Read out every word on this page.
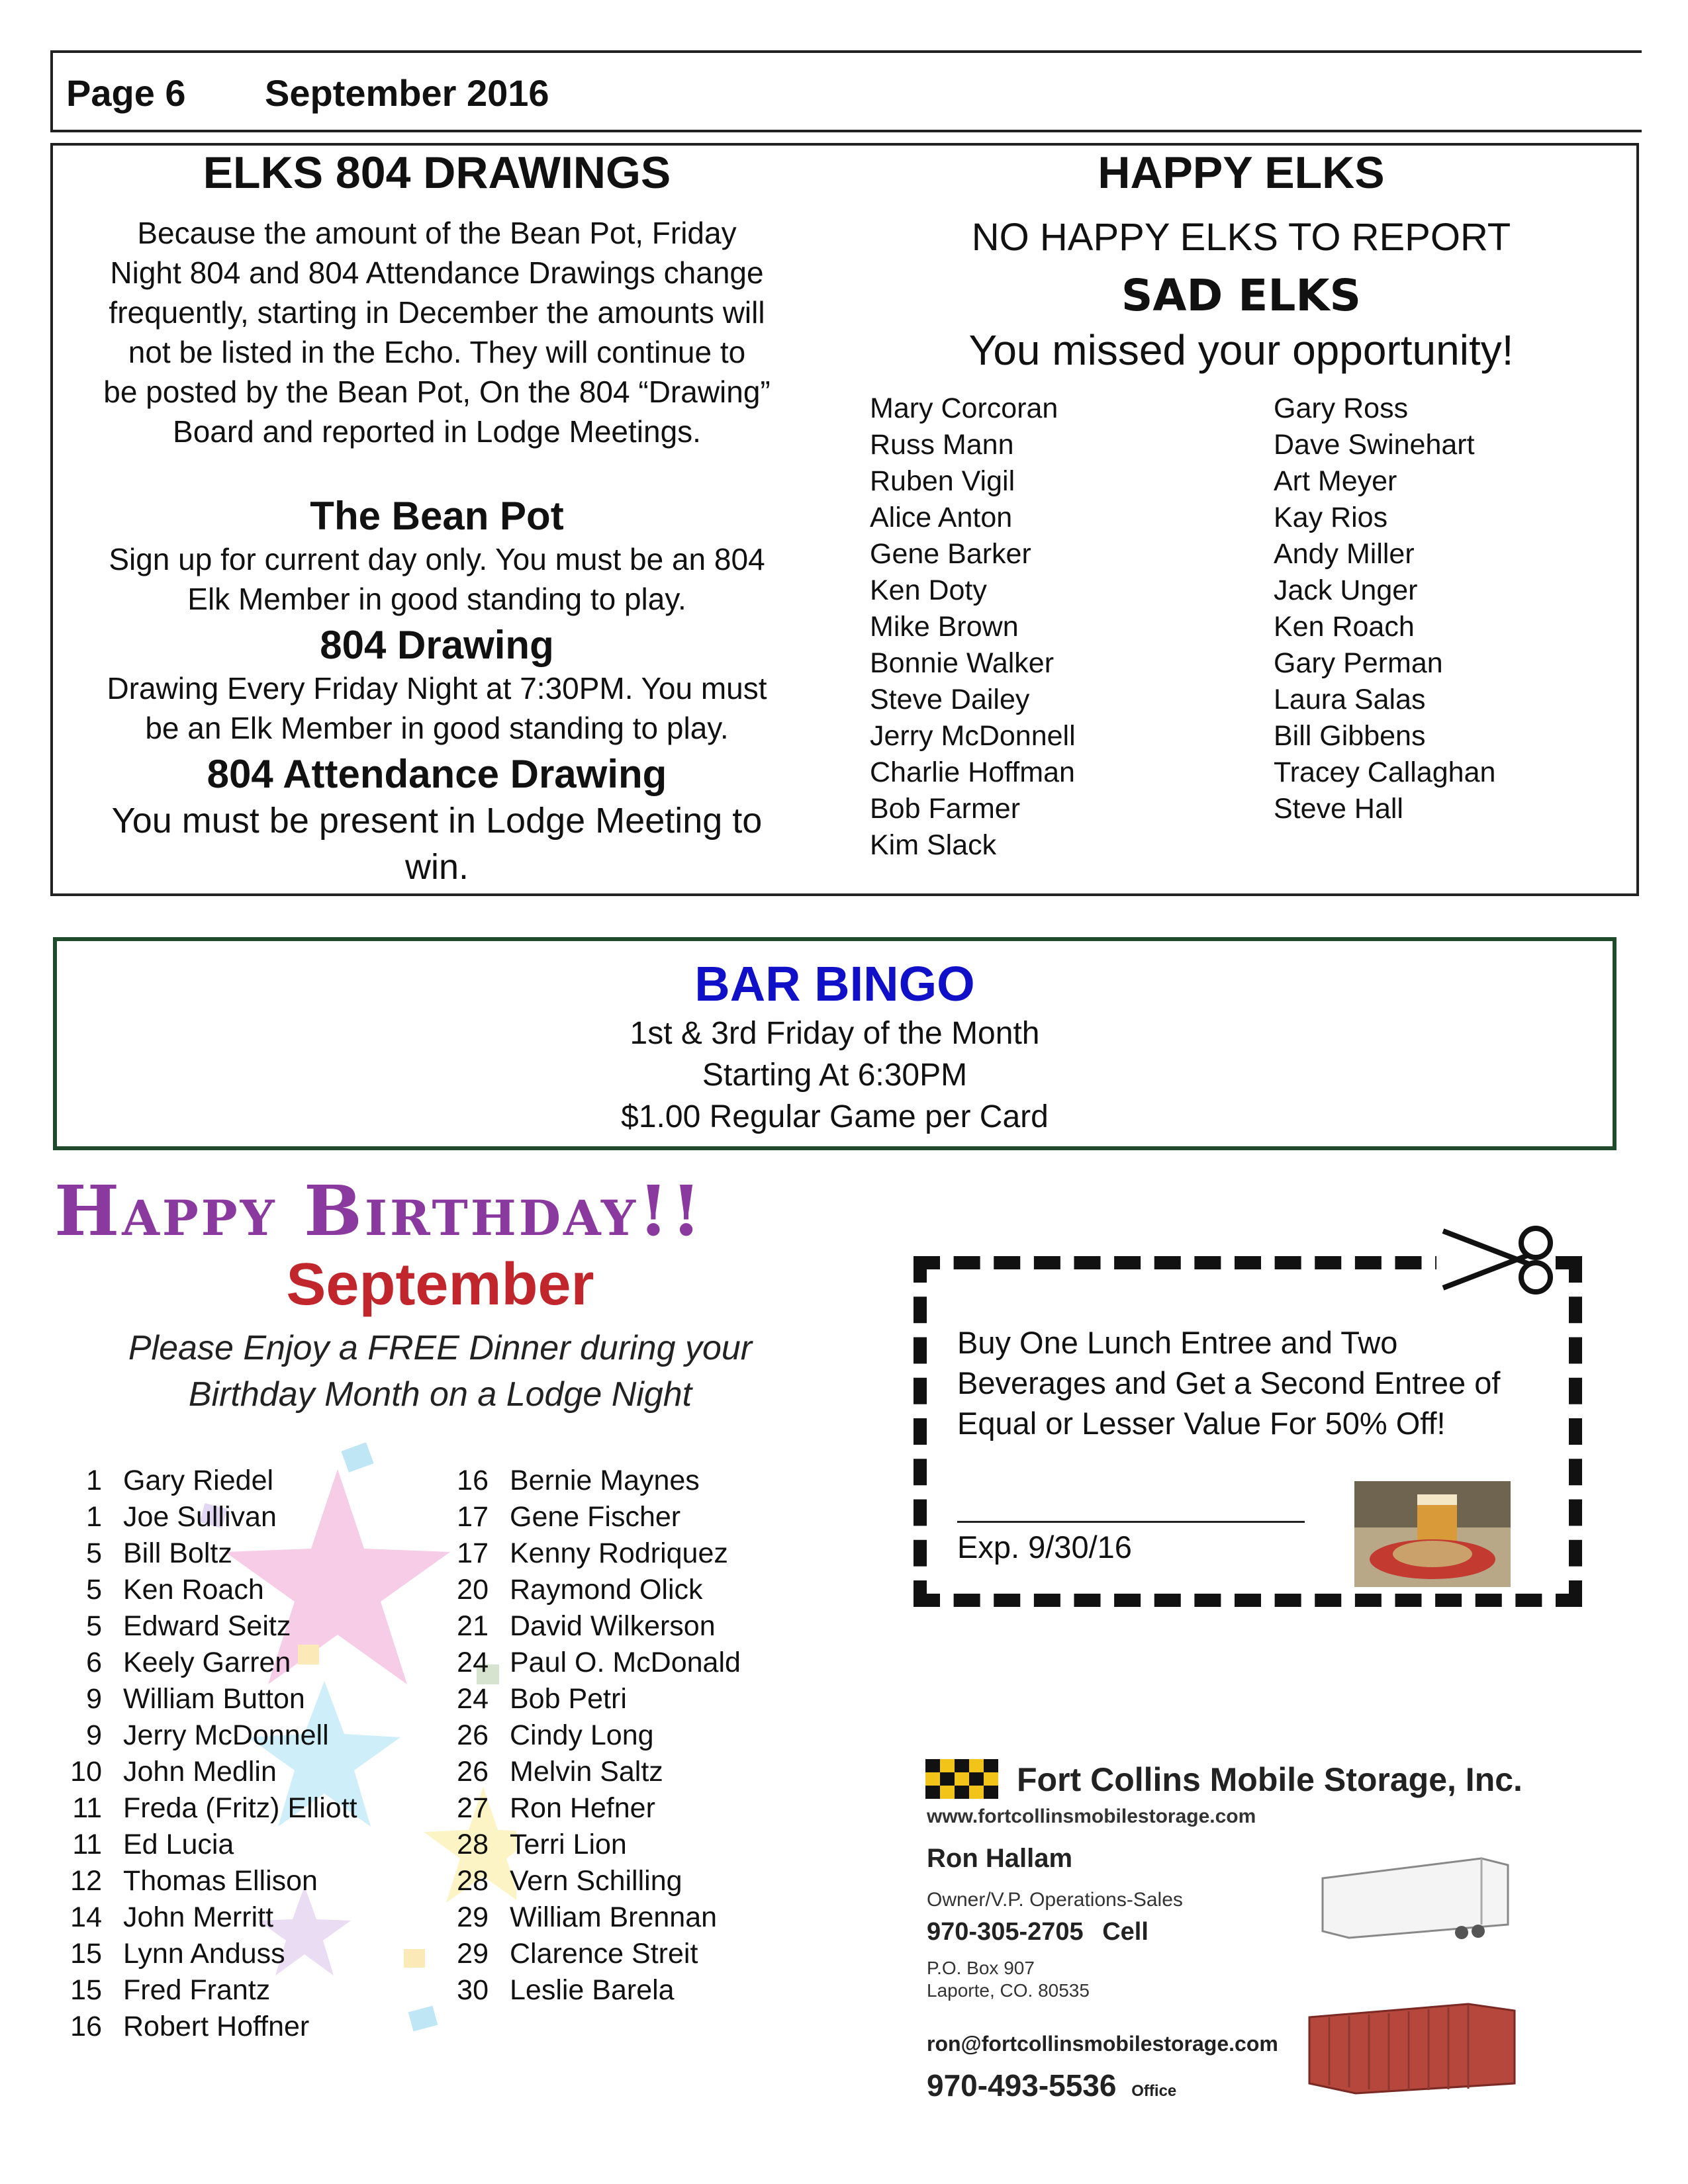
Page 6 September 2016
ELKS 804 DRAWINGS
Because the amount of the Bean Pot, Friday
Night 804 and 804 Attendance Drawings change
frequently, starting in December the amounts will
not be listed in the Echo. They will continue to
be posted by the Bean Pot, On the 804 “Drawing”
Board and reported in Lodge Meetings.
The Bean Pot
Sign up for current day only. You must be an 804
Elk Member in good standing to play.
804 Drawing
Drawing Every Friday Night at 7:30PM. You must
be an Elk Member in good standing to play.
804 Attendance Drawing
You must be present in Lodge Meeting to
win.
HAPPY ELKS
NO HAPPY ELKS TO REPORT
SAD ELKS
You missed your opportunity!
Mary Corcoran
Russ Mann
Ruben Vigil
Alice Anton
Gene Barker
Ken Doty
Mike Brown
Bonnie Walker
Steve Dailey
Jerry McDonnell
Charlie Hoffman
Bob Farmer
Kim Slack
Gary Ross
Dave Swinehart
Art Meyer
Kay Rios
Andy Miller
Jack Unger
Ken Roach
Gary Perman
Laura Salas
Bill Gibbens
Tracey Callaghan
Steve Hall
BAR BINGO
1st & 3rd Friday of the Month
Starting At 6:30PM
$1.00 Regular Game per Card
Happy Birthday!!
September
Please Enjoy a FREE Dinner during your
Birthday Month on a Lodge Night
1 Gary Riedel
1 Joe Sullivan
5 Bill Boltz
5 Ken Roach
5 Edward Seitz
6 Keely Garren
9 William Button
9 Jerry McDonnell
10 John Medlin
11 Freda (Fritz) Elliott
11 Ed Lucia
12 Thomas Ellison
14 John Merritt
15 Lynn Anduss
15 Fred Frantz
16 Robert Hoffner
16 Bernie Maynes
17 Gene Fischer
17 Kenny Rodriquez
20 Raymond Olick
21 David Wilkerson
24 Paul O. McDonald
24 Bob Petri
26 Cindy Long
26 Melvin Saltz
27 Ron Hefner
28 Terri Lion
28 Vern Schilling
29 William Brennan
29 Clarence Streit
30 Leslie Barela
Buy One Lunch Entree and Two
Beverages and Get a Second Entree of
Equal or Lesser Value For 50% Off!
Exp. 9/30/16
Fort Collins Mobile Storage, Inc.
www.fortcollinsmobilestorage.com
Ron Hallam
Owner/V.P. Operations-Sales
970-305-2705 Cell
P.O. Box 907
Laporte, CO. 80535
ron@fortcollinsmobilestorage.com
970-493-5536 Office
